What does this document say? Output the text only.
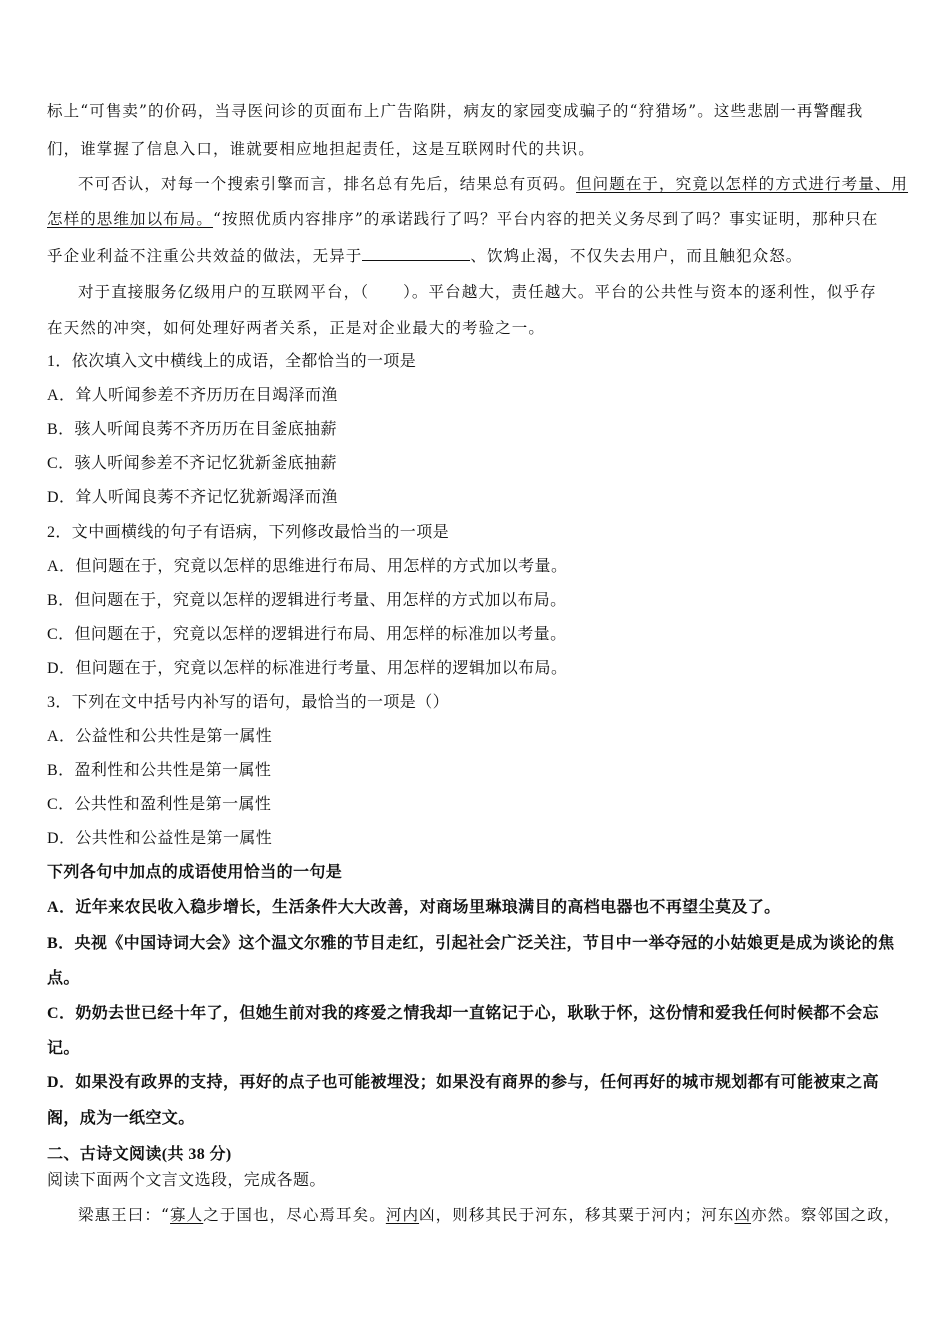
标上“可售卖”的价码，当寻医问诊的页面布上广告陷阱，病友的家园变成骗子的“狩猎场”。这些悲剧一再警醒我
们，谁掌握了信息入口，谁就要相应地担起责任，这是互联网时代的共识。
不可否认，对每一个搜索引擎而言，排名总有先后，结果总有页码。但问题在于，究竟以怎样的方式进行考量、用
怎样的思维加以布局。“按照优质内容排序”的承诺践行了吗？平台内容的把关义务尽到了吗？事实证明，那种只在
乎企业利益不注重公共效益的做法，无异于	、饮鸩止渴，不仅失去用户，而且触犯众怒。
对于直接服务亿级用户的互联网平台，（ ）。平台越大，责任越大。平台的公共性与资本的逐利性，似乎存
在天然的冲突，如何处理好两者关系，正是对企业最大的考验之一。
1．依次填入文中横线上的成语，全都恰当的一项是
A．耸人听闻参差不齐历历在目竭泽而渔
B．骇人听闻良莠不齐历历在目釜底抽薪
C．骇人听闻参差不齐记忆犹新釜底抽薪
D．耸人听闻良莠不齐记忆犹新竭泽而渔
2．文中画横线的句子有语病，下列修改最恰当的一项是
A．但问题在于，究竟以怎样的思维进行布局、用怎样的方式加以考量。
B．但问题在于，究竟以怎样的逻辑进行考量、用怎样的方式加以布局。
C．但问题在于，究竟以怎样的逻辑进行布局、用怎样的标准加以考量。
D．但问题在于，究竟以怎样的标准进行考量、用怎样的逻辑加以布局。
3．下列在文中括号内补写的语句，最恰当的一项是（）
A．公益性和公共性是第一属性
B．盈利性和公共性是第一属性
C．公共性和盈利性是第一属性
D．公共性和公益性是第一属性
下列各句中加点的成语使用恰当的一句是
A．近年来农民收入稳步增长，生活条件大大改善，对商场里琳琅满目的高档电器也不再望尘莫及了。
B．央视《中国诗词大会》这个温文尔雅的节目走红，引起社会广泛关注，节目中一举夺冠的小姑娘更是成为谈论的焦
点。
C．奶奶去世已经十年了，但她生前对我的疼爱之情我却一直铭记于心，耿耿于怀，这份情和爱我任何时候都不会忘
记。
D．如果没有政界的支持，再好的点子也可能被埋没；如果没有商界的参与，任何再好的城市规划都有可能被束之高
阁，成为一纸空文。
二、古诗文阅读(共 38 分)
阅读下面两个文言文选段，完成各题。
梁惠王曰：“寡人之于国也，尽心焉耳矣。河内凶，则移其民于河东，移其粟于河内；河东凶亦然。察邻国之政，
